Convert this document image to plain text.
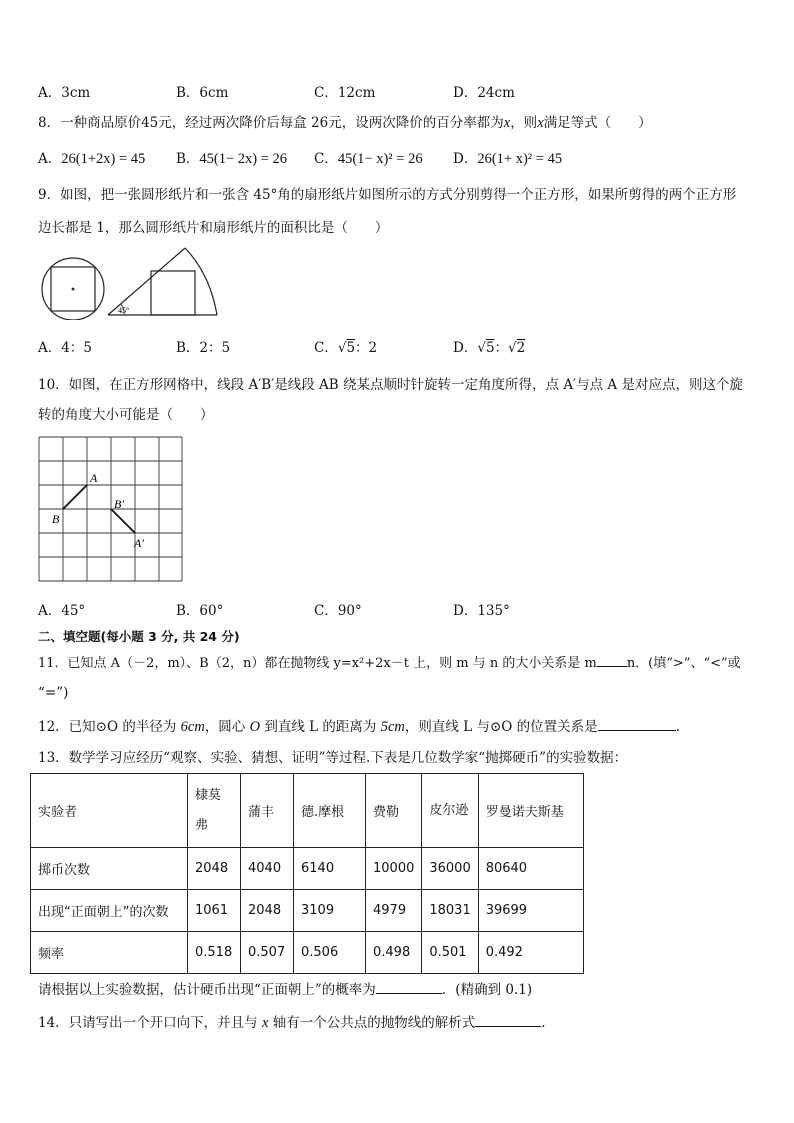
A．3cm	B．6cm	C．12cm	D．24cm
8．一种商品原价45元，经过两次降价后每盒 26元，设两次降价的百分率都为x，则x满足等式（　　）
A．26(1+2x) = 45 B．45(1− 2x) = 26 C．45(1− x)² = 26 D．26(1+ x)² = 45
9．如图，把一张圆形纸片和一张含 45°角的扇形纸片如图所示的方式分别剪得一个正方形，如果所剪得的两个正方形
边长都是 1，那么圆形纸片和扇形纸片的面积比是（　　）
45°
A．4：5	B．2：5	C．√5：2	D．√5：√2
10．如图，在正方形网格中，线段 A′B′是线段 AB 绕某点顺时针旋转一定角度所得，点 A′与点 A 是对应点，则这个旋
转的角度大小可能是（　　）
A
B
B′
A′
A．45°	B．60°	C．90°	D．135°
二、填空题(每小题 3 分, 共 24 分)
11．已知点 A（－2，m）、B（2，n）都在抛物线 y=x²+2x－t 上，则 m 与 n 的大小关系是 m n．(填“>”、“<”或
“=”)
12．已知⊙O 的半径为 6cm，圆心 O 到直线 L 的距离为 5cm，则直线 L 与⊙O 的位置关系是	.
13．数学学习应经历“观察、实验、猜想、证明”等过程.下表是几位数学家“抛掷硬币”的实验数据：
实验者	棣莫弗	蒲丰	德.摩根	费勒	皮尔逊	罗曼诺夫斯基
掷币次数	2048	4040	6140	10000	36000	80640
出现“正面朝上”的次数	1061	2048	3109	4979	18031	39699
频率	0.518	0.507	0.506	0.498	0.501	0.492
请根据以上实验数据，估计硬币出现“正面朝上”的概率为	．(精确到 0.1)
14．只请写出一个开口向下，并且与 x 轴有一个公共点的抛物线的解析式	.
